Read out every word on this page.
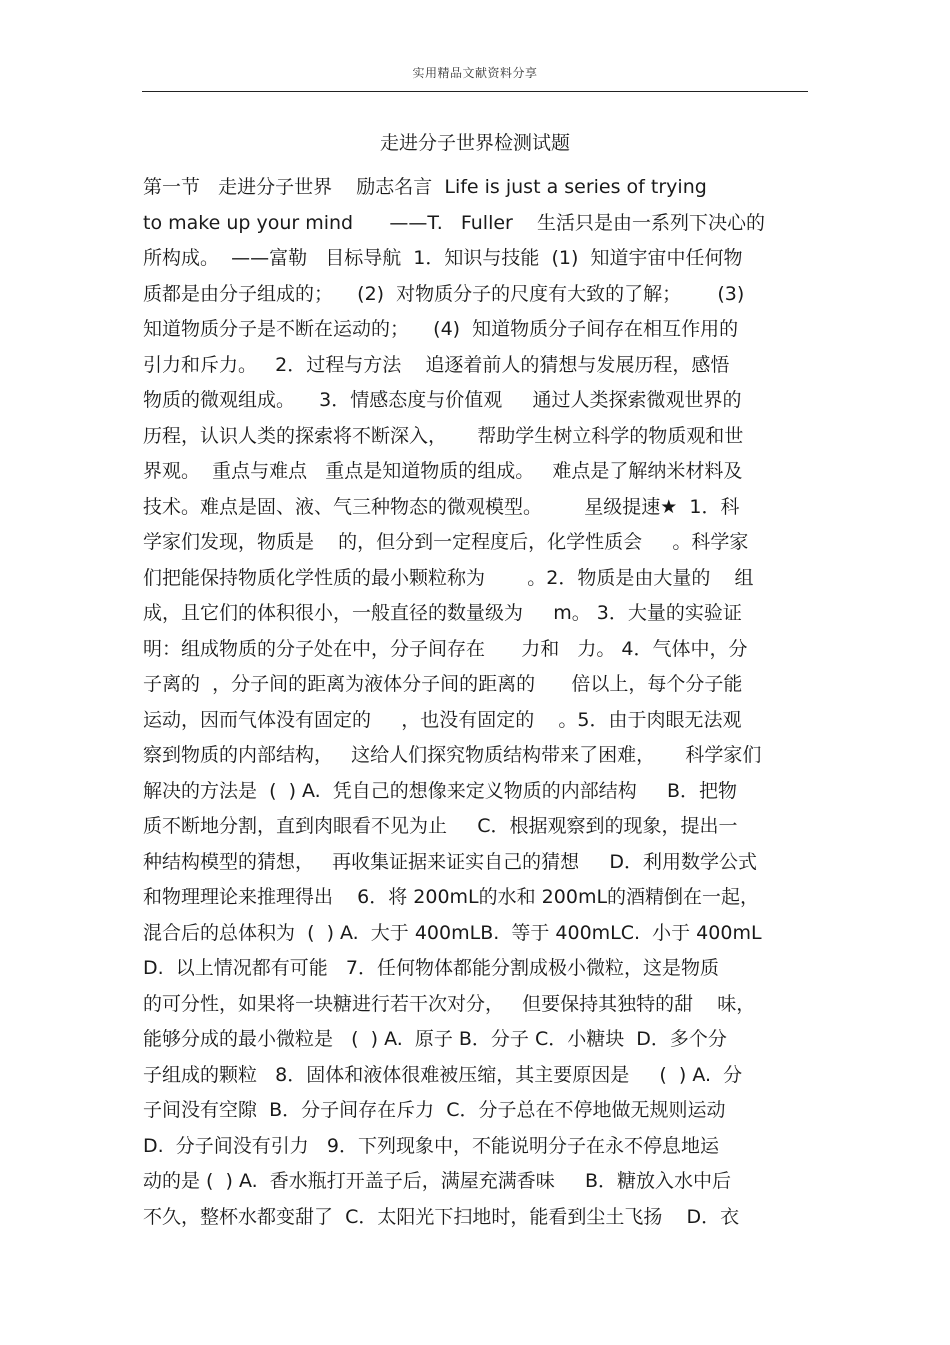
实用精品文献资料分享
走进分子世界检测试题
第一节   走进分子世界    励志名言  Life is just a series of trying
to make up your mind      ——T.   Fuller    生活只是由一系列下决心的
所构成。  ——富勒   目标导航  1．知识与技能  (1)  知道宇宙中任何物
质都是由分子组成的；    (2)  对物质分子的尺度有大致的了解；      (3)
知道物质分子是不断在运动的；    (4)  知道物质分子间存在相互作用的
引力和斥力。   2．过程与方法    追逐着前人的猜想与发展历程，感悟
物质的微观组成。    3．情感态度与价值观     通过人类探索微观世界的
历程，认识人类的探索将不断深入，     帮助学生树立科学的物质观和世
界观。  重点与难点   重点是知道物质的组成。   难点是了解纳米材料及
技术。难点是固、液、气三种物态的微观模型。       星级提速★  1．科
学家们发现，物质是    的，但分到一定程度后，化学性质会     。科学家
们把能保持物质化学性质的最小颗粒称为       。2．物质是由大量的    组
成，且它们的体积很小，一般直径的数量级为     m。 3．大量的实验证
明：组成物质的分子处在中，分子间存在      力和   力。 4．气体中，分
子离的  ，分子间的距离为液体分子间的距离的      倍以上，每个分子能
运动，因而气体没有固定的     ，也没有固定的    。5．由于肉眼无法观
察到物质的内部结构，   这给人们探究物质结构带来了困难，     科学家们
解决的方法是  (  ) A.  凭自己的想像来定义物质的内部结构     B．把物
质不断地分割，直到肉眼看不见为止     C．根据观察到的现象，提出一
种结构模型的猜想，   再收集证据来证实自己的猜想     D．利用数学公式
和物理理论来推理得出    6．将 200mL的水和 200mL的酒精倒在一起，
混合后的总体积为  (  ) A.  大于 400mLB.  等于 400mLC.  小于 400mL
D.  以上情况都有可能   7．任何物体都能分割成极小微粒，这是物质
的可分性，如果将一块糖进行若干次对分，   但要保持其独特的甜    味，
能够分成的最小微粒是   (  ) A.  原子 B．分子 C．小糖块  D．多个分
子组成的颗粒   8．固体和液体很难被压缩，其主要原因是     (  ) A.  分
子间没有空隙  B．分子间存在斥力  C．分子总在不停地做无规则运动
D.  分子间没有引力   9．下列现象中，不能说明分子在永不停息地运
动的是 (  ) A.  香水瓶打开盖子后，满屋充满香味     B．糖放入水中后
不久，整杯水都变甜了  C．太阳光下扫地时，能看到尘土飞扬    D．衣
